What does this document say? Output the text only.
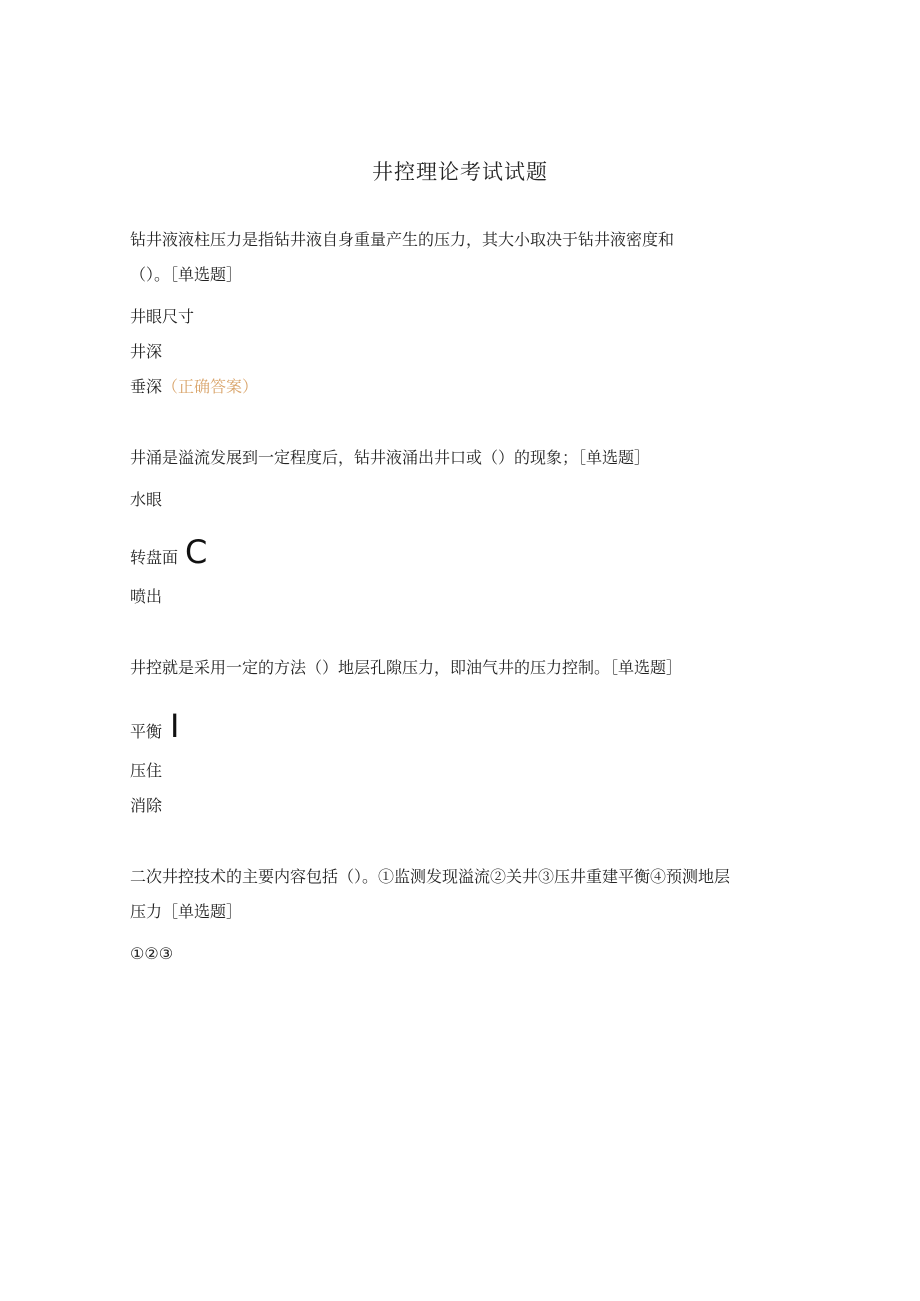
井控理论考试试题
钻井液液柱压力是指钻井液自身重量产生的压力，其大小取决于钻井液密度和
（）。［单选题］
井眼尺寸
井深
垂深（正确答案）
井涌是溢流发展到一定程度后，钻井液涌出井口或（）的现象；［单选题］
水眼
转盘面 C
喷出
井控就是采用一定的方法（）地层孔隙压力，即油气井的压力控制。［单选题］
平衡 I
压住
消除
二次井控技术的主要内容包括（）。①监测发现溢流②关井③压井重建平衡④预测地层
压力［单选题］
①②③
